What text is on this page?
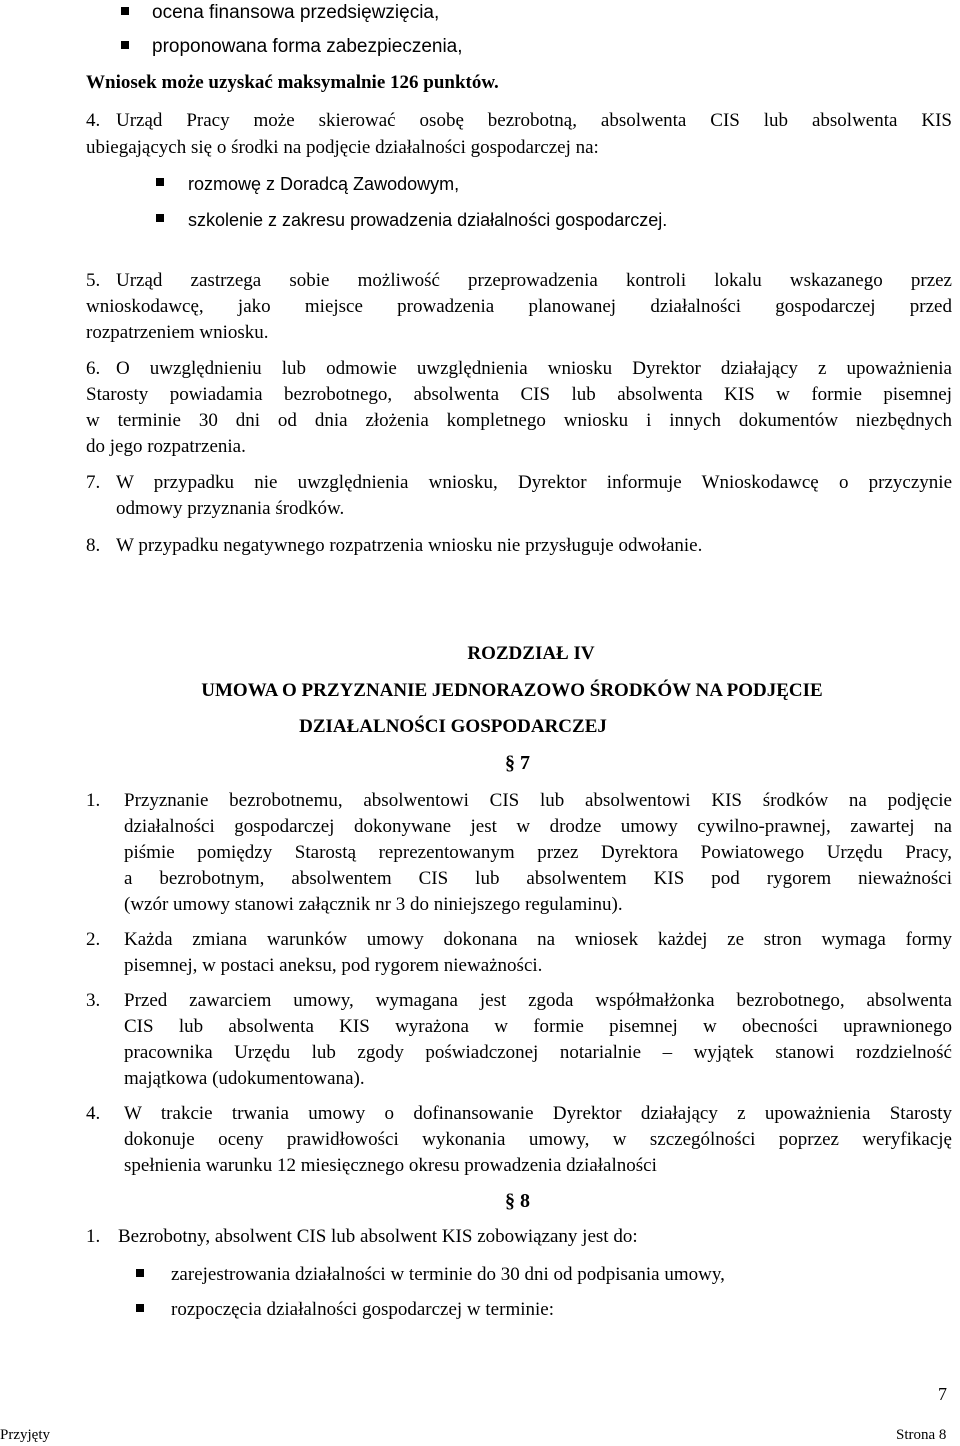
ocena finansowa przedsięwzięcia,
proponowana forma zabezpieczenia,
Wniosek może uzyskać maksymalnie 126 punktów.
4. Urząd Pracy może skierować osobę bezrobotną, absolwenta CIS lub absolwenta KIS
ubiegających się o środki na podjęcie działalności gospodarczej na:
rozmowę z Doradcą Zawodowym,
szkolenie z zakresu prowadzenia działalności gospodarczej.
5. Urząd zastrzega sobie możliwość przeprowadzenia kontroli lokalu wskazanego przez
wnioskodawcę, jako miejsce prowadzenia planowanej działalności gospodarczej przed
rozpatrzeniem wniosku.
6. O uwzględnieniu lub odmowie uwzględnienia wniosku Dyrektor działający z upoważnienia
Starosty powiadamia bezrobotnego, absolwenta CIS lub absolwenta KIS w formie pisemnej
w terminie 30 dni od dnia złożenia kompletnego wniosku i innych dokumentów niezbędnych
do jego rozpatrzenia.
7. W przypadku nie uwzględnienia wniosku, Dyrektor informuje Wnioskodawcę o przyczynie
odmowy przyznania środków.
8. W przypadku negatywnego rozpatrzenia wniosku nie przysługuje odwołanie.
ROZDZIAŁ IV
UMOWA O PRZYZNANIE JEDNORAZOWO ŚRODKÓW NA PODJĘCIE
DZIAŁALNOŚCI GOSPODARCZEJ
§ 7
1. Przyznanie bezrobotnemu, absolwentowi CIS lub absolwentowi KIS środków na podjęcie
działalności gospodarczej dokonywane jest w drodze umowy cywilno-prawnej, zawartej na
piśmie pomiędzy Starostą reprezentowanym przez Dyrektora Powiatowego Urzędu Pracy,
a bezrobotnym, absolwentem CIS lub absolwentem KIS pod rygorem nieważności
(wzór umowy stanowi załącznik nr 3 do niniejszego regulaminu).
2. Każda zmiana warunków umowy dokonana na wniosek każdej ze stron wymaga formy
pisemnej, w postaci aneksu, pod rygorem nieważności.
3. Przed zawarciem umowy, wymagana jest zgoda współmałżonka bezrobotnego, absolwenta
CIS lub absolwenta KIS wyrażona w formie pisemnej w obecności uprawnionego
pracownika Urzędu lub zgody poświadczonej notarialnie – wyjątek stanowi rozdzielność
majątkowa (udokumentowana).
4. W trakcie trwania umowy o dofinansowanie Dyrektor działający z upoważnienia Starosty
dokonuje oceny prawidłowości wykonania umowy, w szczególności poprzez weryfikację
spełnienia warunku 12 miesięcznego okresu prowadzenia działalności
§ 8
1. Bezrobotny, absolwent CIS lub absolwent KIS zobowiązany jest do:
zarejestrowania działalności w terminie do 30 dni od podpisania umowy,
rozpoczęcia działalności gospodarczej w terminie:
7
Przyjęty	Strona 8
